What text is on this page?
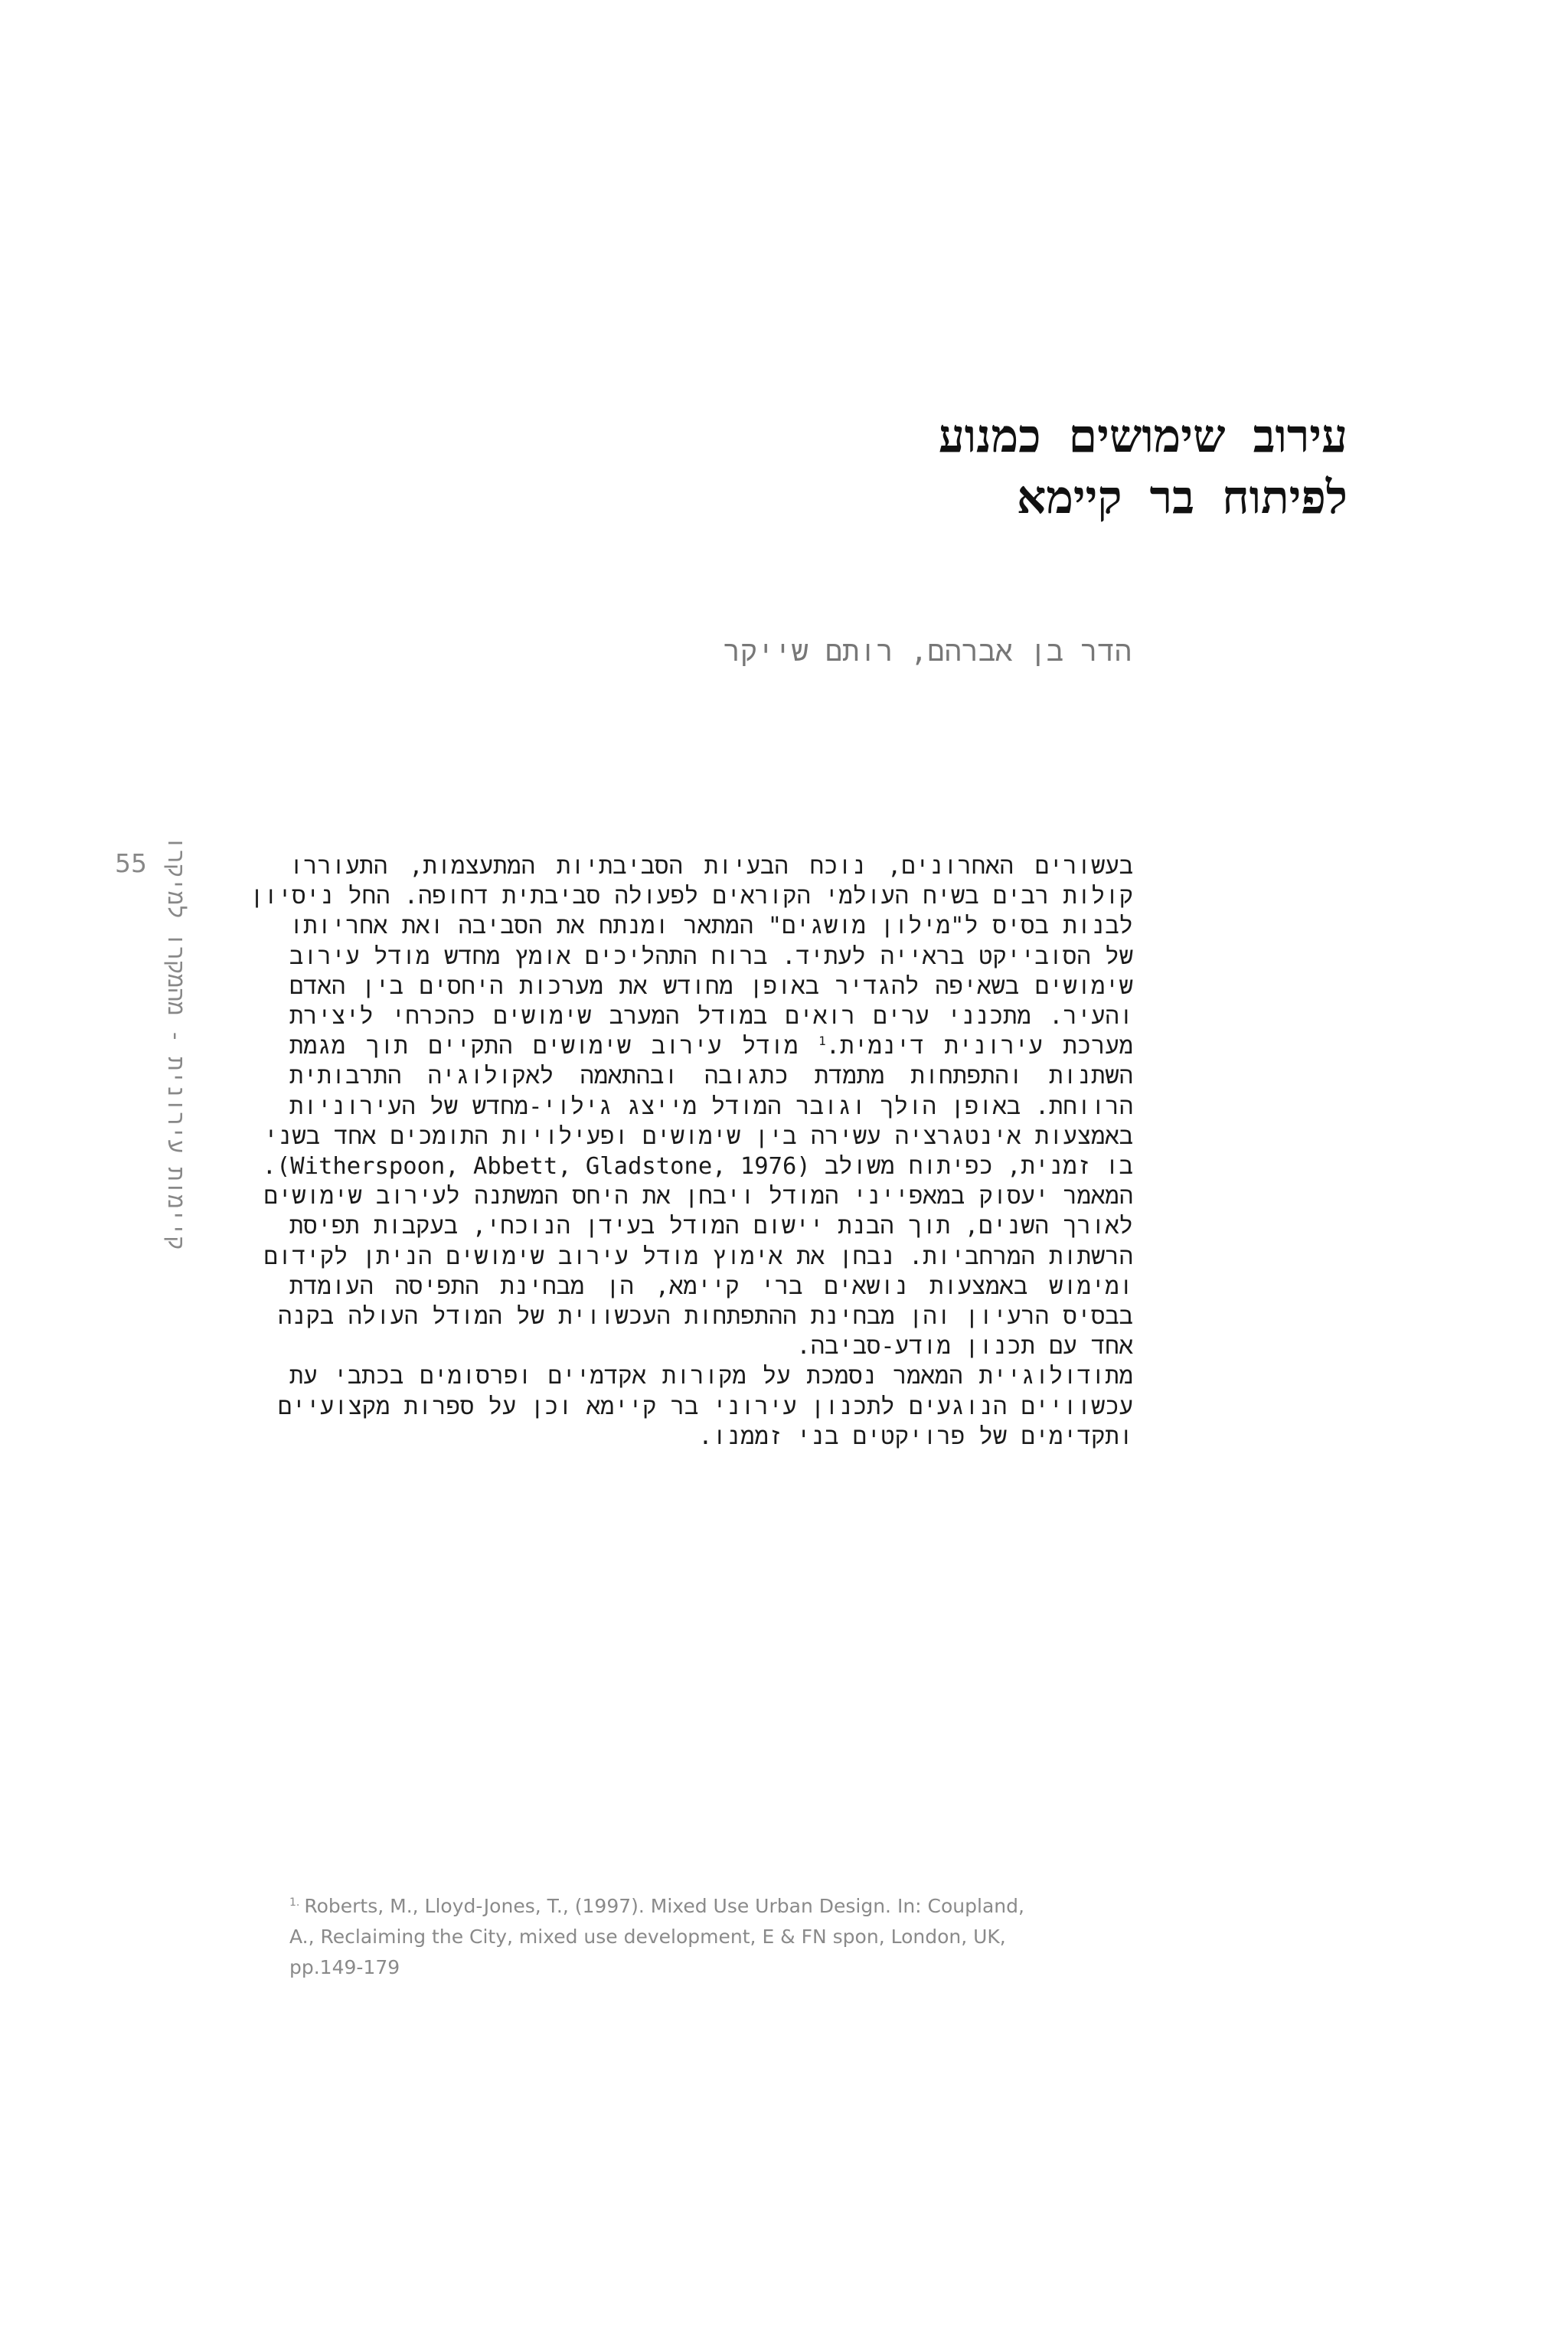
עירוב שימושים כמנוע
לפיתוח בר קיימא
הדר בן אברהם, רותם שייקר
55 קיימות עירונית - מהמקרו למיקרו	בעשורים האחרונים, נוכח הבעיות הסביבתיות המתעצמות, התעוררו
קולות רבים בשיח העולמי הקוראים לפעולה סביבתית דחופה. החל ניסיון
לבנות בסיס ל"מילון מושגים" המתאר ומנתח את הסביבה ואת אחריותו
של הסובייקט בראייה לעתיד. ברוח התהליכים אומץ מחדש מודל עירוב
שימושים בשאיפה להגדיר באופן מחודש את מערכות היחסים בין האדם
והעיר. מתכנני ערים רואים במודל המערב שימושים כהכרחי ליצירת
מערכת עירונית דינמית.$^1$ מודל עירוב שימושים התקיים תוך מגמת
השתנות והתפתחות מתמדת כתגובה ובהתאמה לאקולוגיה התרבותית
הרווחת. באופן הולך וגובר המודל מייצג גילוי-מחדש של העירוניות
באמצעות אינטגרציה עשירה בין שימושים ופעילויות התומכים אחד בשני
בו זמנית, כפיתוח משולב (Witherspoon, Abbett, Gladstone, 1976).
המאמר יעסוק במאפייני המודל ויבחן את היחס המשתנה לעירוב שימושים
לאורך השנים, תוך הבנת יישום המודל בעידן הנוכחי, בעקבות תפיסת
הרשתות המרחביות. נבחן את אימוץ מודל עירוב שימושים הניתן לקידום
ומימוש באמצעות נושאים ברי קיימא, הן מבחינת התפיסה העומדת
בבסיס הרעיון והן מבחינת ההתפתחות העכשווית של המודל העולה בקנה
אחד עם תכנון מודע-סביבה.
מתודולוגיית המאמר נסמכת על מקורות אקדמיים ופרסומים בכתבי עת
עכשוויים הנוגעים לתכנון עירוני בר קיימא וכן על ספרות מקצועיים
ותקדימים של פרויקטים בני זממנו.
$^{1.}$ Roberts, M., Lloyd-Jones, T., (1997). Mixed Use Urban Design. In: Coupland,
A., Reclaiming the City, mixed use development, E & FN spon, London, UK,
pp.149-179
